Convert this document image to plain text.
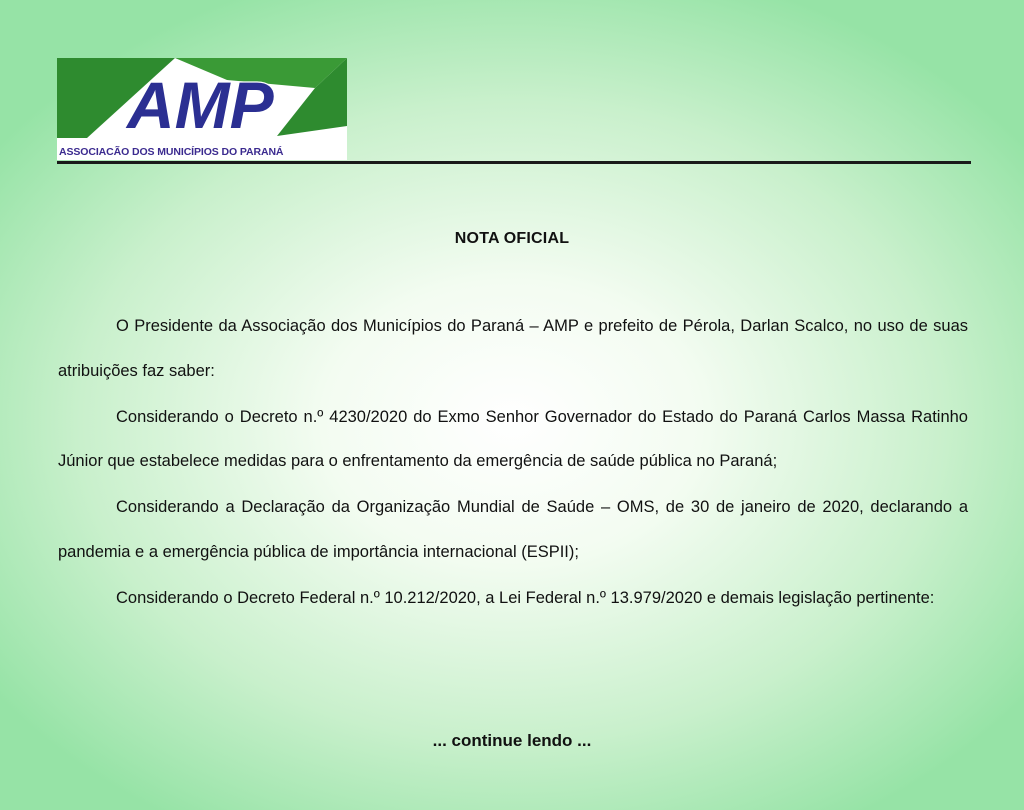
AMP
ASSOCIACÃO DOS MUNICÍPIOS DO PARANÁ
NOTA OFICIAL

O Presidente da Associação dos Municípios do Paraná – AMP e prefeito de Pérola, Darlan Scalco, no uso de suas atribuições faz saber:

Considerando o Decreto n.º 4230/2020 do Exmo Senhor Governador do Estado do Paraná Carlos Massa Ratinho Júnior que estabelece medidas para o enfrentamento da emergência de saúde pública no Paraná;

Considerando a Declaração da Organização Mundial de Saúde – OMS, de 30 de janeiro de 2020, declarando a pandemia e a emergência pública de importância internacional (ESPII);

Considerando o Decreto Federal n.º 10.212/2020, a Lei Federal n.º 13.979/2020 e demais legislação pertinente:

... continue lendo ...
